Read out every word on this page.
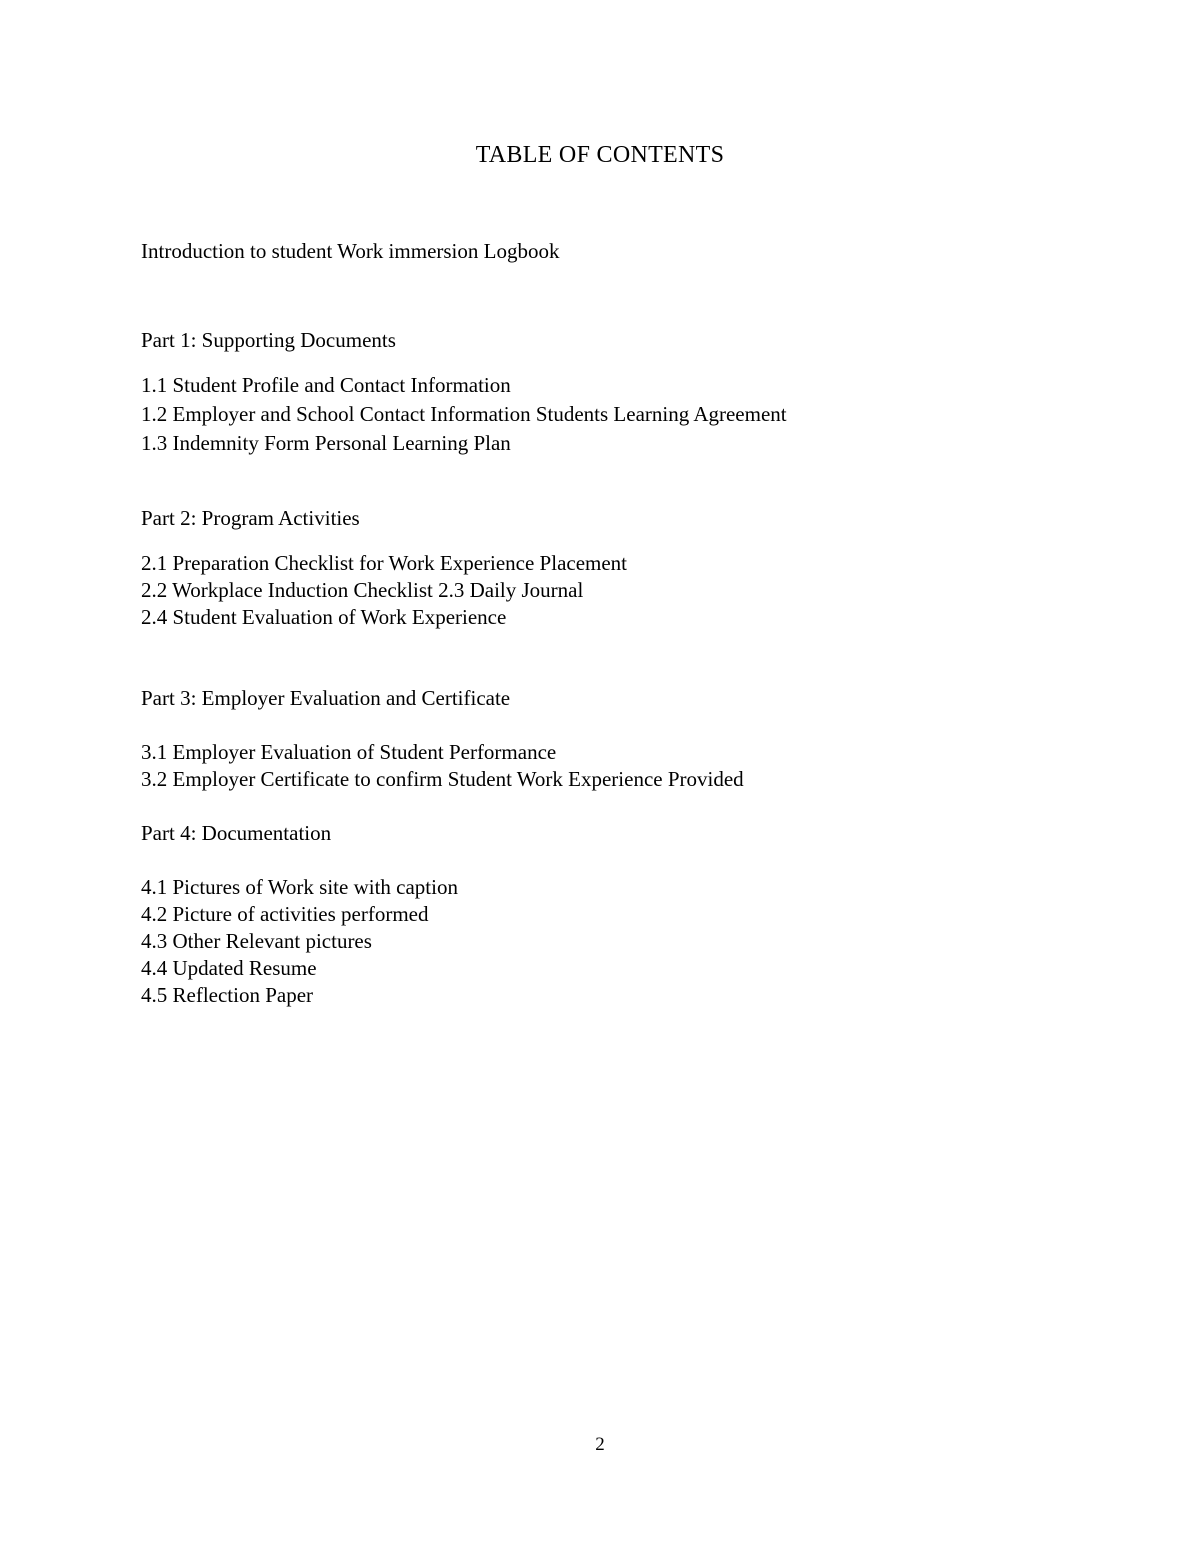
TABLE OF CONTENTS
Introduction to student Work immersion Logbook
Part 1: Supporting Documents
1.1 Student Profile and Contact Information
1.2 Employer and School Contact Information Students Learning Agreement
1.3 Indemnity Form Personal Learning Plan
Part 2: Program Activities
2.1 Preparation Checklist for Work Experience Placement
2.2 Workplace Induction Checklist 2.3 Daily Journal
2.4 Student Evaluation of Work Experience
Part 3: Employer Evaluation and Certificate
3.1 Employer Evaluation of Student Performance
3.2 Employer Certificate to confirm Student Work Experience Provided
Part 4: Documentation
4.1 Pictures of Work site with caption
4.2 Picture of activities performed
4.3 Other Relevant pictures
4.4 Updated Resume
4.5 Reflection Paper
2
